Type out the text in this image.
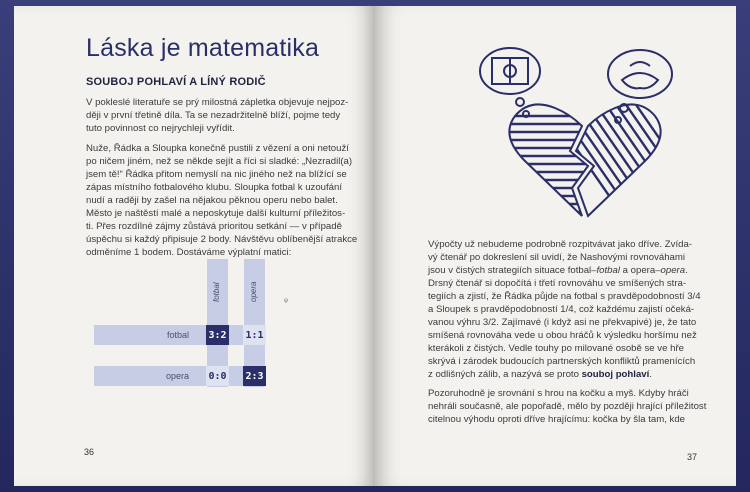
Láska je matematika
SOUBOJ POHLAVÍ A LÍNÝ RODIČ

V pokleslé literatuře se prý milostná zápletka objevuje nejpoz-
ději v první třetině díla. Ta se nezadržitelně blíží, pojme tedy
tuto povinnost co nejrychleji vyřídit.

Nuže, Řádka a Sloupka konečně pustili z vězení a oni netouží
po ničem jiném, než se někde sejít a říci si sladké: „Nezradil(a)
jsem tě!“ Řádka přitom nemyslí na nic jiného než na blížící se
zápas místního fotbalového klubu. Sloupka fotbal k uzoufání
nudí a raději by zašel na nějakou pěknou operu nebo balet.
Město je naštěstí malé a neposkytuje další kulturní příležitos-
ti. Přes rozdílné zájmy zůstává prioritou setkání — v případě
úspěchu si každý připisuje 2 body. Návštěvu oblíbenější atrakce
odměníme 1 bodem. Dostáváme výplatní matici:

fotbal	opera
fotbal
opera
3:2 1:1
0:0 2:3
ᵠ
36

Výpočty už nebudeme podrobně rozpitvávat jako dříve. Zvída-
vý čtenář po dokreslení sil uvidí, že Nashovými rovnováhami
jsou v čistých strategiích situace fotbal–fotbal a opera–opera.
Drsný čtenář si dopočítá i třetí rovnováhu ve smíšených stra-
tegiích a zjistí, že Řádka půjde na fotbal s pravděpodobností 3/4
a Sloupek s pravděpodobností 1/4, což každému zajistí očeká-
vanou výhru 3/2. Zajímavé (i když asi ne překvapivé) je, že tato
smíšená rovnováha vede u obou hráčů k výsledku horšímu než
kterákoli z čistých. Vedle touhy po milované osobě se ve hře
skrývá i zárodek budoucích partnerských konfliktů pramenících
z odlišných zálib, a nazývá se proto souboj pohlaví.

Pozoruhodně je srovnání s hrou na kočku a myš. Kdyby hráči
nehráli současně, ale popořadě, mělo by později hrající příležitost
citelnou výhodu oproti dříve hrajícímu: kočka by šla tam, kde

37
